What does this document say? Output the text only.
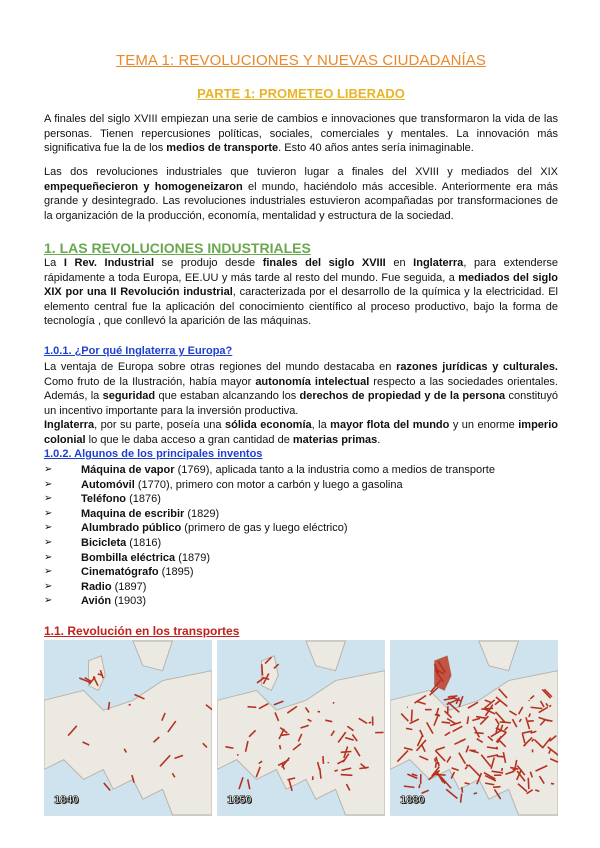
TEMA 1: REVOLUCIONES Y NUEVAS CIUDADANÍAS
PARTE 1: PROMETEO LIBERADO
A finales del siglo XVIII empiezan una serie de cambios e innovaciones que transformaron la vida de las personas. Tienen repercusiones políticas, sociales, comerciales y mentales. La innovación más significativa fue la de los medios de transporte. Esto 40 años antes sería inimaginable.
Las dos revoluciones industriales que tuvieron lugar a finales del XVIII y mediados del XIX empequeñecieron y homogeneizaron el mundo, haciéndolo más accesible. Anteriormente era más grande y desintegrado. Las revoluciones industriales estuvieron acompañadas por transformaciones de la organización de la producción, economía, mentalidad y estructura de la sociedad.
1. LAS REVOLUCIONES INDUSTRIALES
La I Rev. Industrial se produjo desde finales del siglo XVIII en Inglaterra, para extenderse rápidamente a toda Europa, EE.UU y más tarde al resto del mundo. Fue seguida, a mediados del siglo XIX por una II Revolución industrial, caracterizada por el desarrollo de la química y la electricidad. El elemento central fue la aplicación del conocimiento científico al proceso productivo, bajo la forma de tecnología , que conllevó la aparición de las máquinas.
1.0.1. ¿Por qué Inglaterra y Europa?
La ventaja de Europa sobre otras regiones del mundo destacaba en razones jurídicas y culturales. Como fruto de la Ilustración, había mayor autonomía intelectual respecto a las sociedades orientales. Además, la seguridad que estaban alcanzando los derechos de propiedad y de la persona constituyó un incentivo importante para la inversión productiva.
Inglaterra, por su parte, poseía una sólida economía, la mayor flota del mundo y un enorme imperio colonial lo que le daba acceso a gran cantidad de materias primas.
1.0.2. Algunos de los principales inventos
➢	Máquina de vapor (1769), aplicada tanto a la industria como a medios de transporte
➢	Automóvil (1770), primero con motor a carbón y luego a gasolina
➢	Teléfono (1876)
➢	Maquina de escribir (1829)
➢	Alumbrado público (primero de gas y luego eléctrico)
➢	Bicicleta (1816)
➢	Bombilla eléctrica (1879)
➢	Cinematógrafo (1895)
➢	Radio (1897)
➢	Avión (1903)
1.1. Revolución en los transportes
1840	1850	1880
